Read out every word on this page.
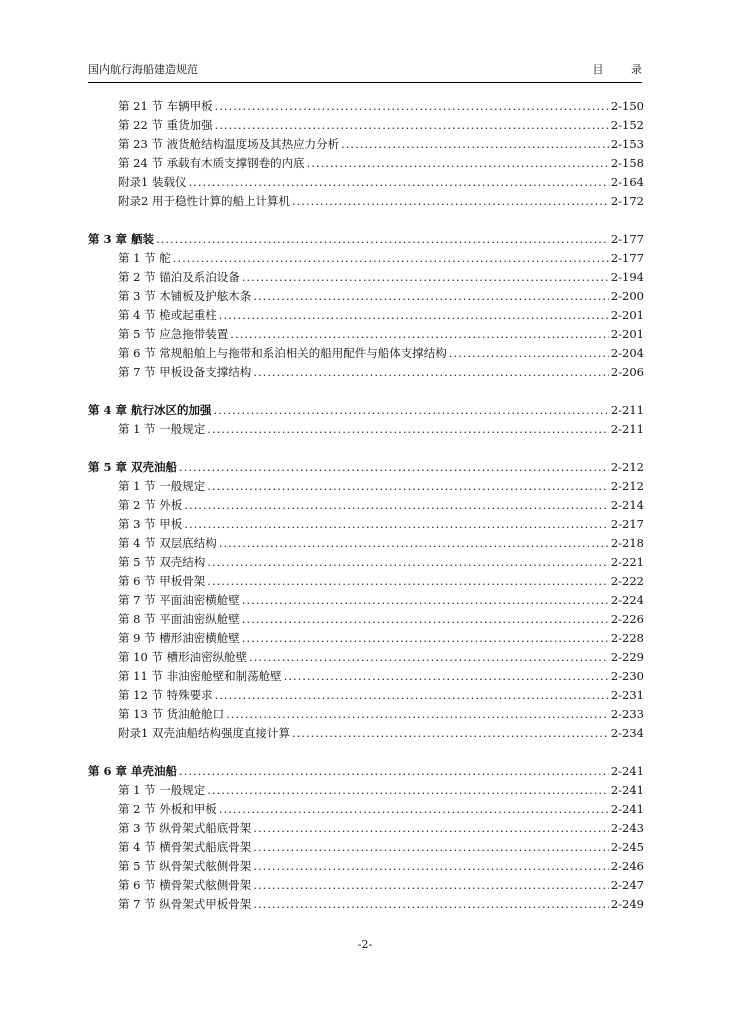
国内航行海船建造规范	目 录
第 21 节 车辆甲板 .....	2-150
第 22 节 重货加强 .....	2-152
第 23 节 液货舱结构温度场及其热应力分析 .....	2-153
第 24 节 承载有木质支撑钢卷的内底 .....	2-158
附录1 装载仪 .....	2-164
附录2 用于稳性计算的船上计算机 .....	2-172
第 3 章 舾装 .....	2-177
第 1 节 舵 .....	2-177
第 2 节 锚泊及系泊设备 .....	2-194
第 3 节 木铺板及护舷木条 .....	2-200
第 4 节 桅或起重柱 .....	2-201
第 5 节 应急拖带装置 .....	2-201
第 6 节 常规船舶上与拖带和系泊相关的船用配件与船体支撑结构 .....	2-204
第 7 节 甲板设备支撑结构 .....	2-206
第 4 章 航行冰区的加强 .....	2-211
第 1 节 一般规定 .....	2-211
第 5 章 双壳油船 .....	2-212
第 1 节 一般规定 .....	2-212
第 2 节 外板 .....	2-214
第 3 节 甲板 .....	2-217
第 4 节 双层底结构 .....	2-218
第 5 节 双壳结构 .....	2-221
第 6 节 甲板骨架 .....	2-222
第 7 节 平面油密横舱壁 .....	2-224
第 8 节 平面油密纵舱壁 .....	2-226
第 9 节 槽形油密横舱壁 .....	2-228
第 10 节 槽形油密纵舱壁 .....	2-229
第 11 节 非油密舱壁和制荡舱壁 .....	2-230
第 12 节 特殊要求 .....	2-231
第 13 节 货油舱舱口 .....	2-233
附录1 双壳油船结构强度直接计算 .....	2-234
第 6 章 单壳油船 .....	2-241
第 1 节 一般规定 .....	2-241
第 2 节 外板和甲板 .....	2-241
第 3 节 纵骨架式船底骨架 .....	2-243
第 4 节 横骨架式船底骨架 .....	2-245
第 5 节 纵骨架式舷侧骨架 .....	2-246
第 6 节 横骨架式舷侧骨架 .....	2-247
第 7 节 纵骨架式甲板骨架 .....	2-249
-2-
